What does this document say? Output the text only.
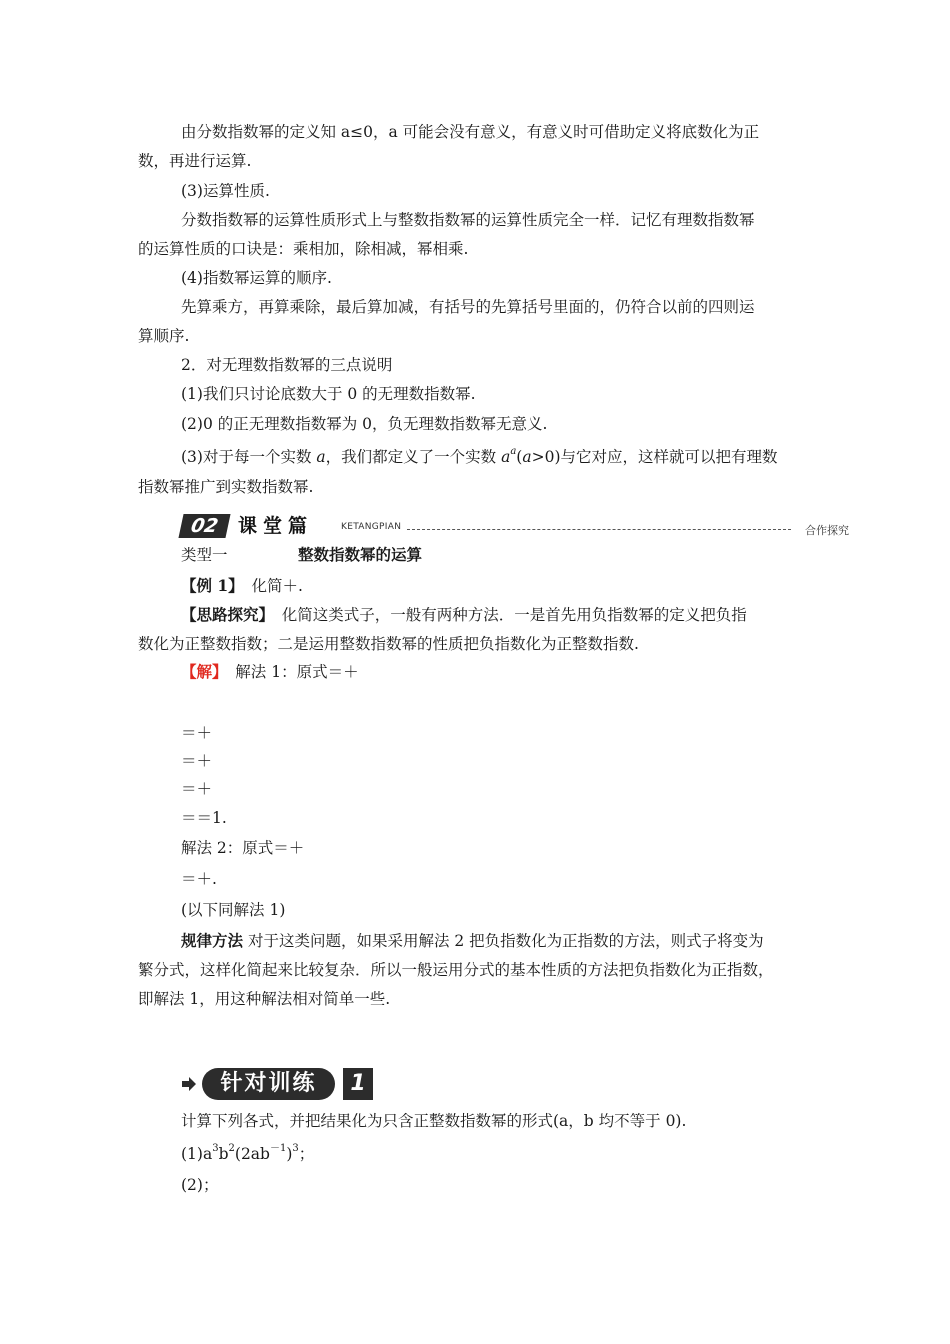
由分数指数幂的定义知 a≤0，a 可能会没有意义，有意义时可借助定义将底数化为正
数，再进行运算.
(3)运算性质.
分数指数幂的运算性质形式上与整数指数幂的运算性质完全一样．记忆有理数指数幂
的运算性质的口诀是：乘相加，除相减，幂相乘.
(4)指数幂运算的顺序.
先算乘方，再算乘除，最后算加减，有括号的先算括号里面的，仍符合以前的四则运
算顺序.
2．对无理数指数幂的三点说明
(1)我们只讨论底数大于 0 的无理数指数幂.
(2)0 的正无理数指数幂为 0，负无理数指数幂无意义.
(3)对于每一个实数 a，我们都定义了一个实数 $a^a(a>0)$与它对应，这样就可以把有理数
指数幂推广到实数指数幂.
02 课堂篇	KETANGPIAN	合作探究
类型一	整数指数幂的运算
【例 1】　 化简＋.
【思路探究】　 化简这类式子，一般有两种方法．一是首先用负指数幂的定义把负指
数化为正整数指数；二是运用整数指数幂的性质把负指数化为正整数指数.
【解】　 解法 1：原式＝＋
＝＋
＝＋
＝＋
＝＝1.
解法 2：原式＝＋
＝＋.
(以下同解法 1)
规律方法 对于这类问题，如果采用解法 2 把负指数化为正指数的方法，则式子将变为
繁分式，这样化简起来比较复杂．所以一般运用分式的基本性质的方法把负指数化为正指数，
即解法 1，用这种解法相对简单一些.
针对训练	1
计算下列各式，并把结果化为只含正整数指数幂的形式(a，b 均不等于 0).
$(1)a^3b^2(2ab^{-1})^3$；
(2)；
